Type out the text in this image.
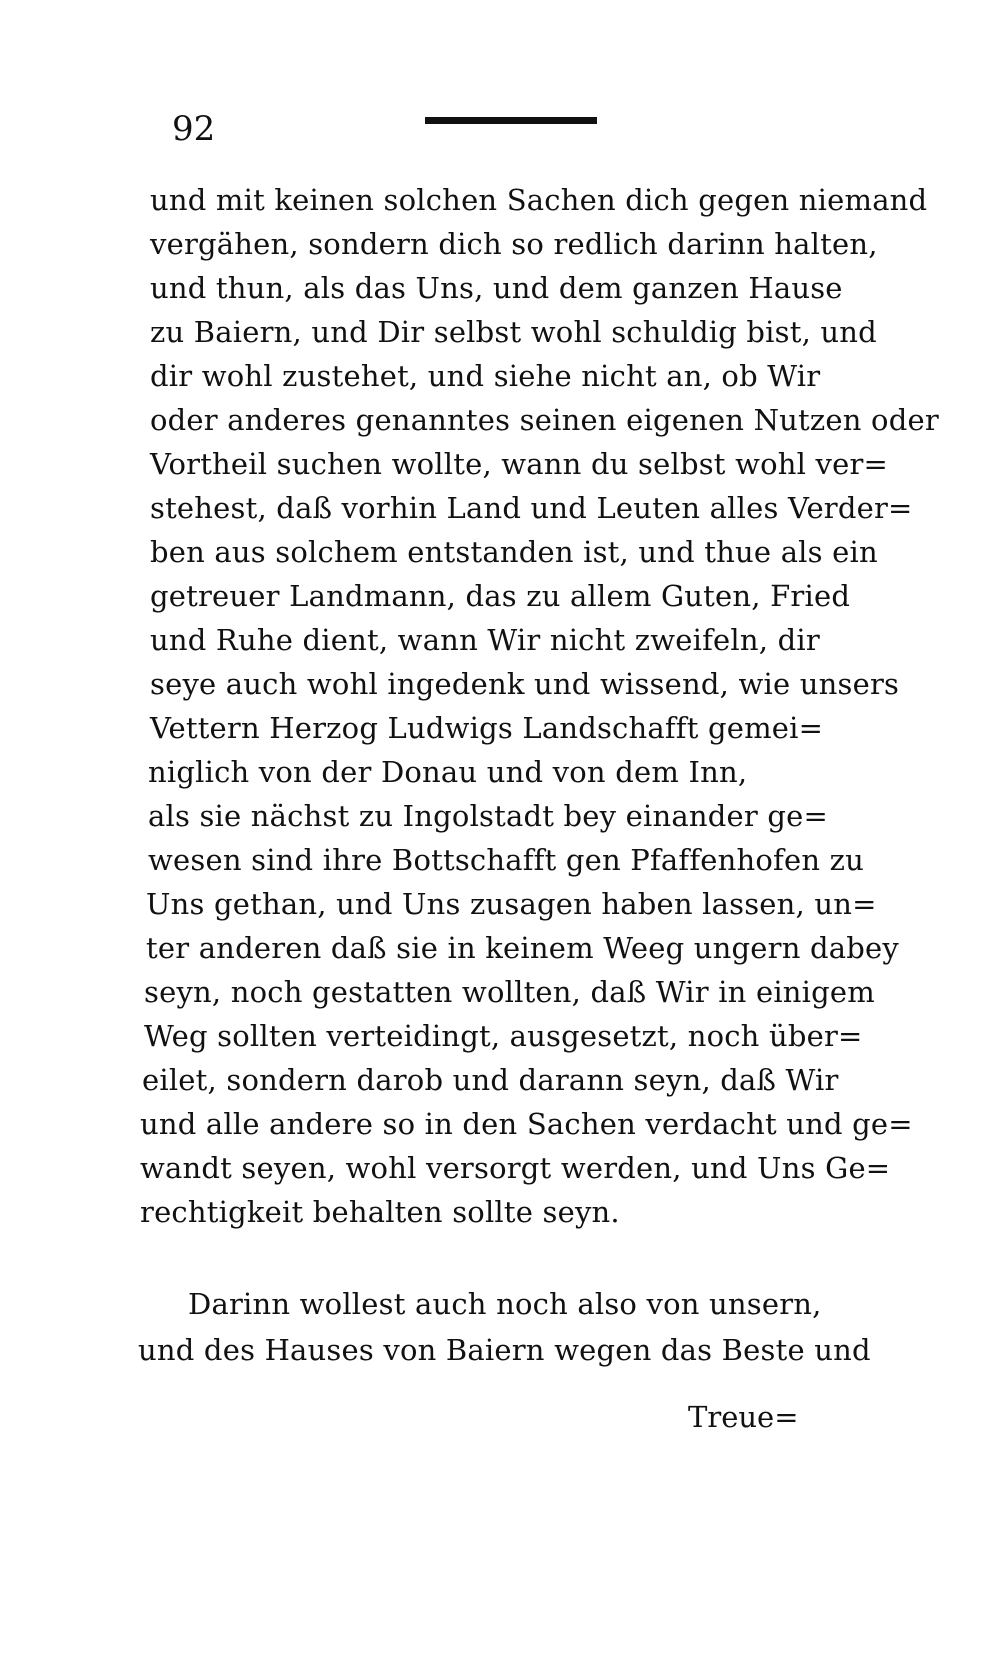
92
und mit keinen solchen Sachen dich gegen niemand
vergähen, sondern dich so redlich darinn halten,
und thun, als das Uns, und dem ganzen Hause
zu Baiern, und Dir selbst wohl schuldig bist, und
dir wohl zustehet, und siehe nicht an, ob Wir
oder anderes genanntes seinen eigenen Nutzen oder
Vortheil suchen wollte, wann du selbst wohl ver=
stehest, daß vorhin Land und Leuten alles Verder=
ben aus solchem entstanden ist, und thue als ein
getreuer Landmann, das zu allem Guten, Fried
und Ruhe dient, wann Wir nicht zweifeln, dir
seye auch wohl ingedenk und wissend, wie unsers
Vettern Herzog Ludwigs Landschafft gemei=
niglich von der Donau und von dem Inn,
als sie nächst zu Ingolstadt bey einander ge=
wesen sind ihre Bottschafft gen Pfaffenhofen zu
Uns gethan, und Uns zusagen haben lassen, un=
ter anderen daß sie in keinem Weeg ungern dabey
seyn, noch gestatten wollten, daß Wir in einigem
Weg sollten verteidingt, ausgesetzt, noch über=
eilet, sondern darob und darann seyn, daß Wir
und alle andere so in den Sachen verdacht und ge=
wandt seyen, wohl versorgt werden, und Uns Ge=
rechtigkeit behalten sollte seyn.
Darinn wollest auch noch also von unsern,
und des Hauses von Baiern wegen das Beste und
Treue=
